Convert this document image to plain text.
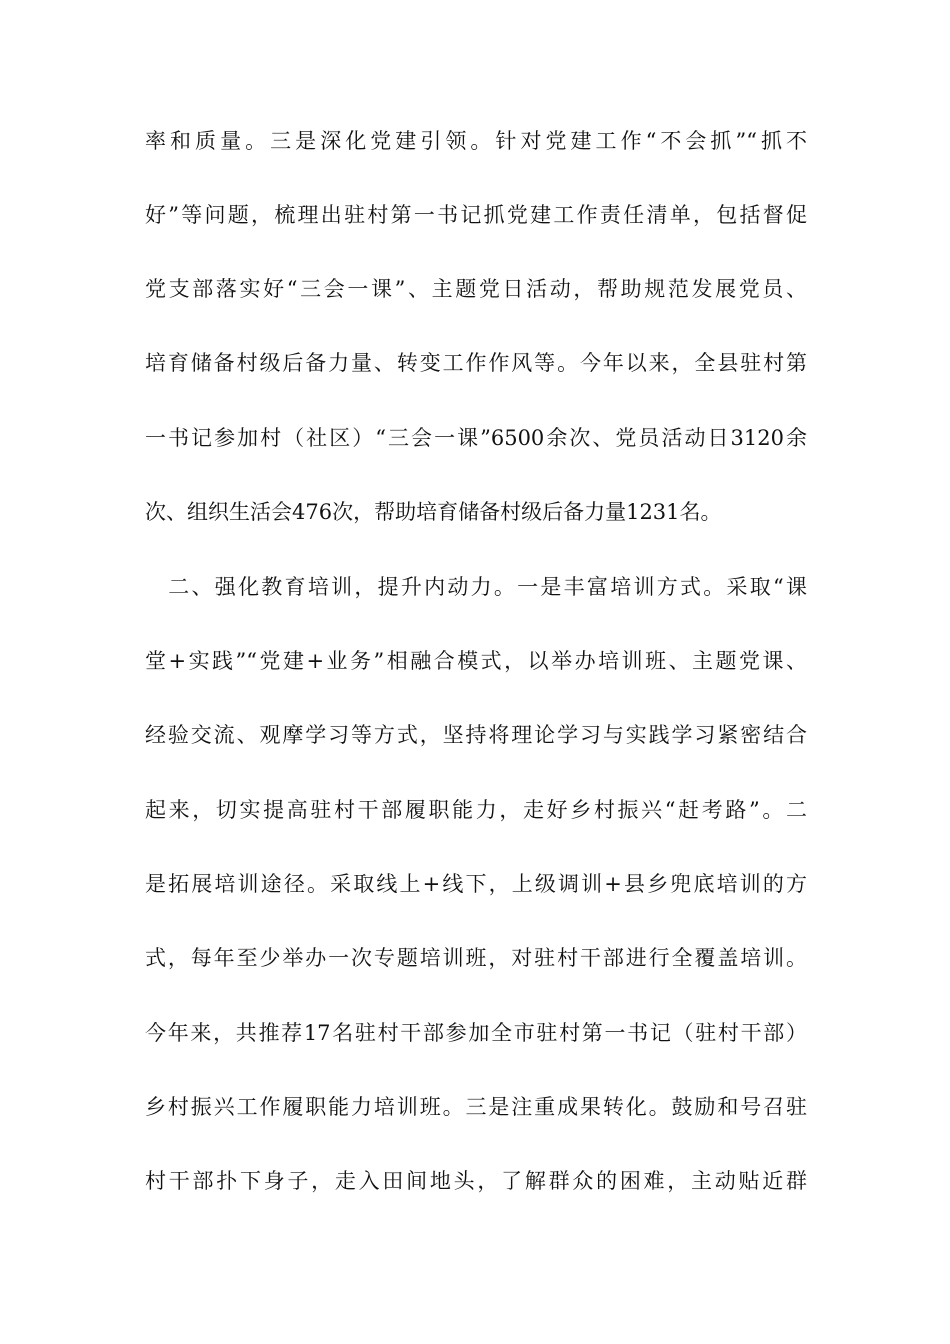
率和质量。三是深化党建引领。针对党建工作“不会抓”“抓不
好”等问题，梳理出驻村第一书记抓党建工作责任清单，包括督促
党支部落实好“三会一课”、主题党日活动，帮助规范发展党员、
培育储备村级后备力量、转变工作作风等。今年以来，全县驻村第
一书记参加村（社区）“三会一课”6500余次、党员活动日3120余
次、组织生活会476次，帮助培育储备村级后备力量1231名。
　二、强化教育培训，提升内动力。一是丰富培训方式。采取“课
堂+实践”“党建+业务”相融合模式，以举办培训班、主题党课、
经验交流、观摩学习等方式，坚持将理论学习与实践学习紧密结合
起来，切实提高驻村干部履职能力，走好乡村振兴“赶考路”。二
是拓展培训途径。采取线上+线下，上级调训+县乡兜底培训的方
式，每年至少举办一次专题培训班，对驻村干部进行全覆盖培训。
今年来，共推荐17名驻村干部参加全市驻村第一书记（驻村干部）
乡村振兴工作履职能力培训班。三是注重成果转化。鼓励和号召驻
村干部扑下身子，走入田间地头，了解群众的困难，主动贴近群
